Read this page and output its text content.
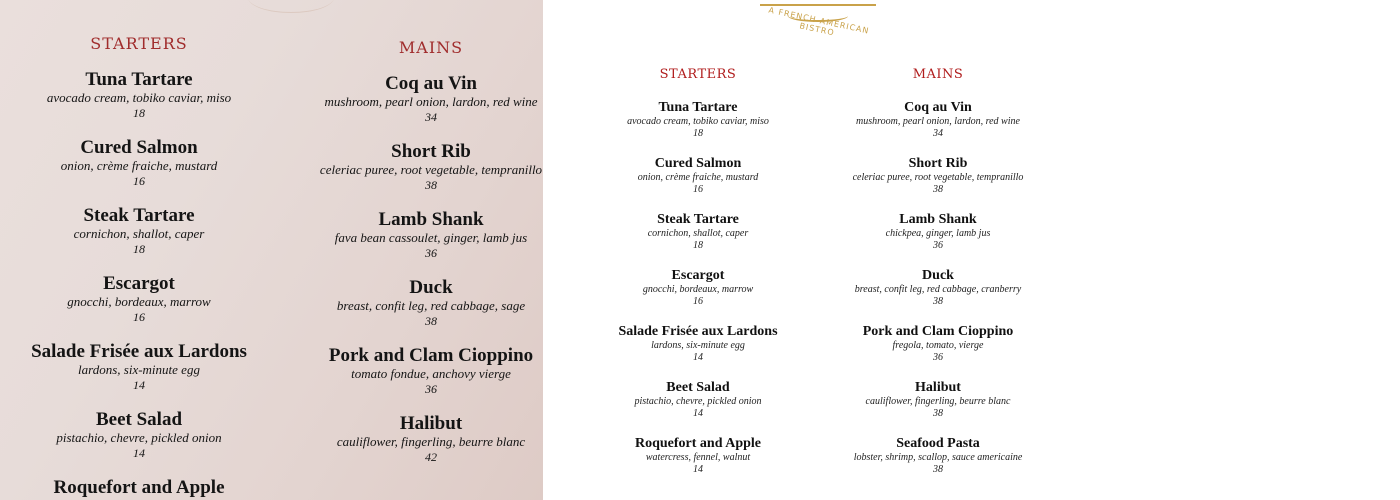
STARTERS
Tuna Tartare
avocado cream, tobiko caviar, miso
18
Cured Salmon
onion, crème fraiche, mustard
16
Steak Tartare
cornichon, shallot, caper
18
Escargot
gnocchi, bordeaux, marrow
16
Salade Frisée aux Lardons
lardons, six-minute egg
14
Beet Salad
pistachio, chevre, pickled onion
14
Roquefort and Apple
MAINS
Coq au Vin
mushroom, pearl onion, lardon, red wine
34
Short Rib
celeriac puree, root vegetable, tempranillo
38
Lamb Shank
fava bean cassoulet, ginger, lamb jus
36
Duck
breast, confit leg, red cabbage, sage
38
Pork and Clam Cioppino
tomato fondue, anchovy vierge
36
Halibut
cauliflower, fingerling, beurre blanc
42
A FRENCH AMERICAN BISTRO
STARTERS
Tuna Tartare
avocado cream, tobiko caviar, miso
18
Cured Salmon
onion, crème fraiche, mustard
16
Steak Tartare
cornichon, shallot, caper
18
Escargot
gnocchi, bordeaux, marrow
16
Salade Frisée aux Lardons
lardons, six-minute egg
14
Beet Salad
pistachio, chevre, pickled onion
14
Roquefort and Apple
watercress, fennel, walnut
14
MAINS
Coq au Vin
mushroom, pearl onion, lardon, red wine
34
Short Rib
celeriac puree, root vegetable, tempranillo
38
Lamb Shank
chickpea, ginger, lamb jus
36
Duck
breast, confit leg, red cabbage, cranberry
38
Pork and Clam Cioppino
fregola, tomato, vierge
36
Halibut
cauliflower, fingerling, beurre blanc
38
Seafood Pasta
lobster, shrimp, scallop, sauce americaine
38
